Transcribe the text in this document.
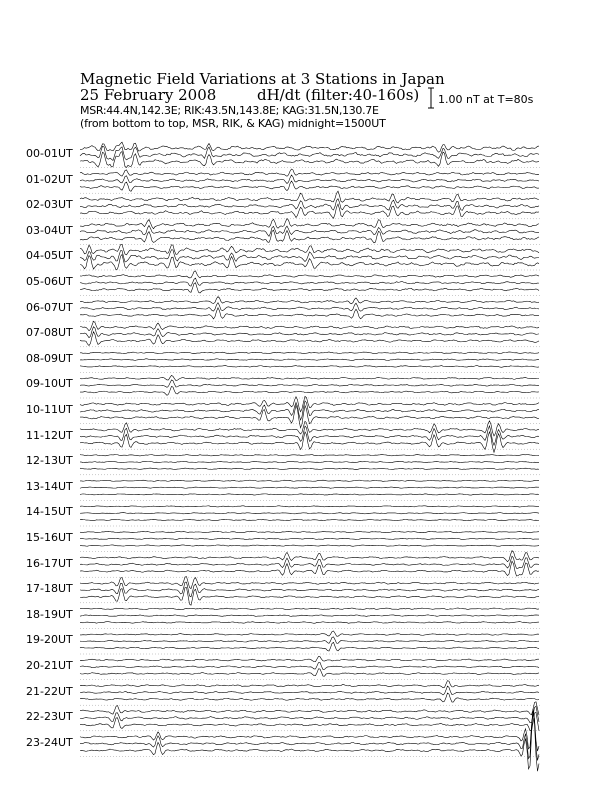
Magnetic Field Variations at 3 Stations in Japan
25 February 2008	dH/dt (filter:40-160s)
MSR:44.4N,142.3E; RIK:43.5N,143.8E; KAG:31.5N,130.7E
(from bottom to top, MSR, RIK, & KAG) midnight=1500UT
1.00 nT at T=80s
00-01UT
01-02UT
02-03UT
03-04UT
04-05UT
05-06UT
06-07UT
07-08UT
08-09UT
09-10UT
10-11UT
11-12UT
12-13UT
13-14UT
14-15UT
15-16UT
16-17UT
17-18UT
18-19UT
19-20UT
20-21UT
21-22UT
22-23UT
23-24UT
